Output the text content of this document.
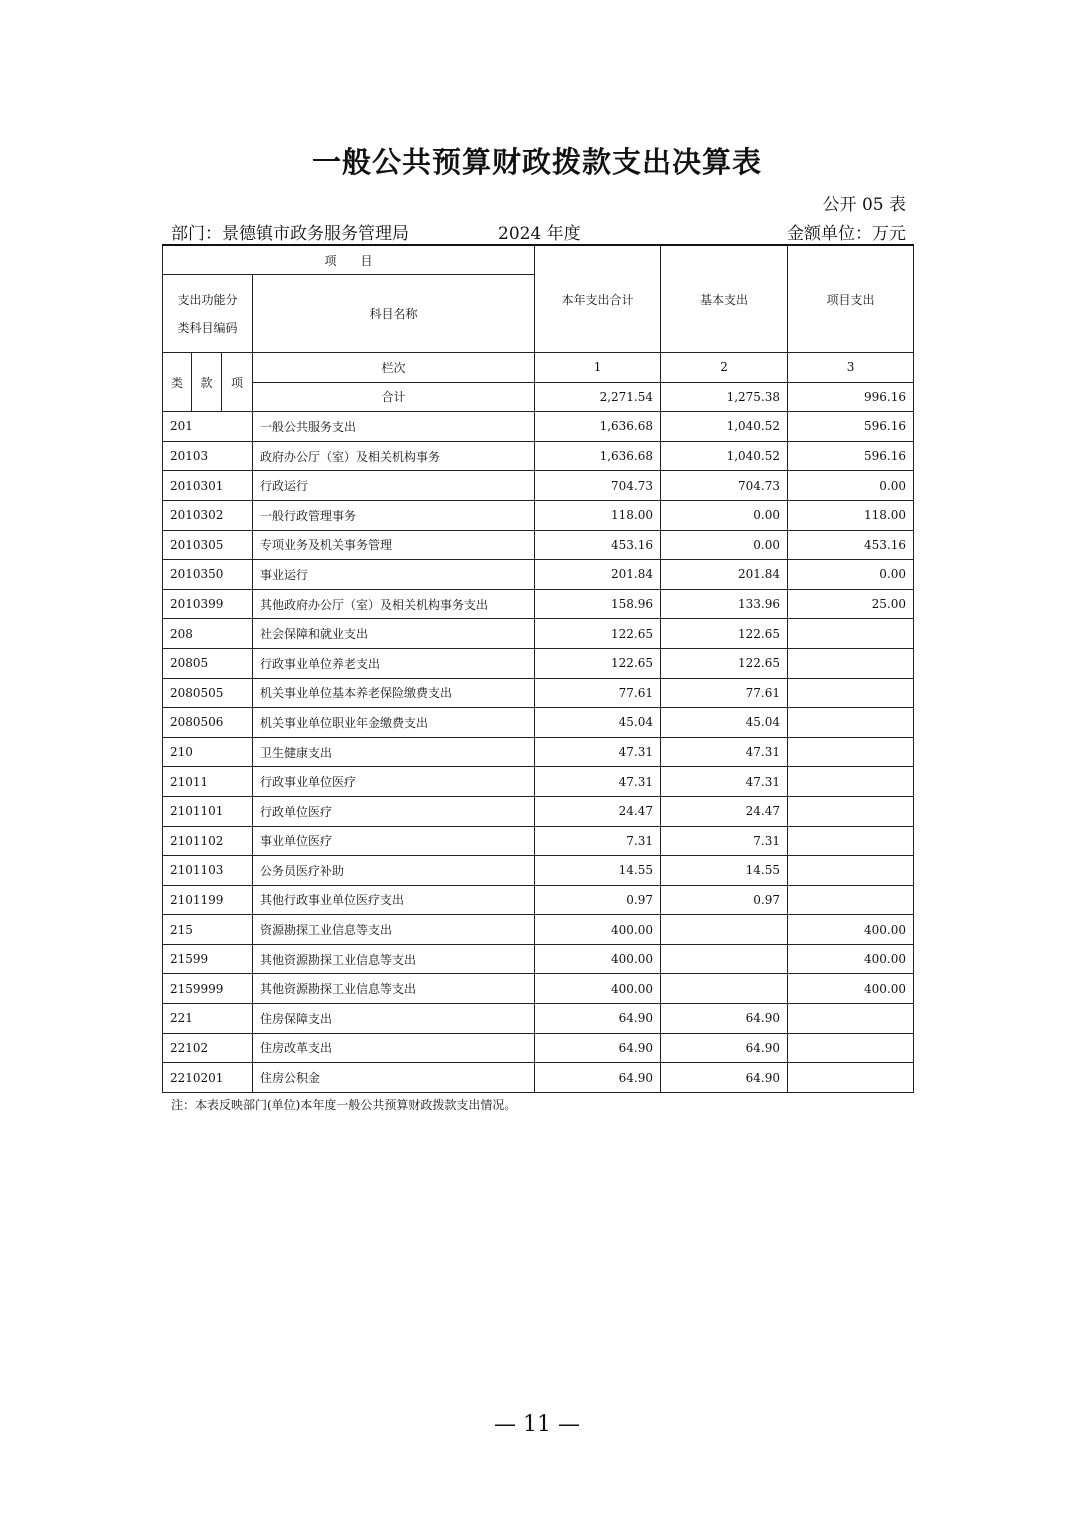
一般公共预算财政拨款支出决算表
公开 05 表
部门：景德镇市政务服务管理局	2024 年度	金额单位：万元
项　　目				本年支出合计	基本支出	项目支出
支出功能分类科目编码			科目名称			
类	款	项	栏次	1	2	3
			合计	2,271.54	1,275.38	996.16
201			一般公共服务支出	1,636.68	1,040.52	596.16
20103			政府办公厅（室）及相关机构事务	1,636.68	1,040.52	596.16
2010301			行政运行	704.73	704.73	0.00
2010302			一般行政管理事务	118.00	0.00	118.00
2010305			专项业务及机关事务管理	453.16	0.00	453.16
2010350			事业运行	201.84	201.84	0.00
2010399			其他政府办公厅（室）及相关机构事务支出	158.96	133.96	25.00
208			社会保障和就业支出	122.65	122.65	
20805			行政事业单位养老支出	122.65	122.65	
2080505			机关事业单位基本养老保险缴费支出	77.61	77.61	
2080506			机关事业单位职业年金缴费支出	45.04	45.04	
210			卫生健康支出	47.31	47.31	
21011			行政事业单位医疗	47.31	47.31	
2101101			行政单位医疗	24.47	24.47	
2101102			事业单位医疗	7.31	7.31	
2101103			公务员医疗补助	14.55	14.55	
2101199			其他行政事业单位医疗支出	0.97	0.97	
215			资源勘探工业信息等支出	400.00		400.00
21599			其他资源勘探工业信息等支出	400.00		400.00
2159999			其他资源勘探工业信息等支出	400.00		400.00
221			住房保障支出	64.90	64.90	
22102			住房改革支出	64.90	64.90	
2210201			住房公积金	64.90	64.90	
注：本表反映部门(单位)本年度一般公共预算财政拨款支出情况。
— 11 —
